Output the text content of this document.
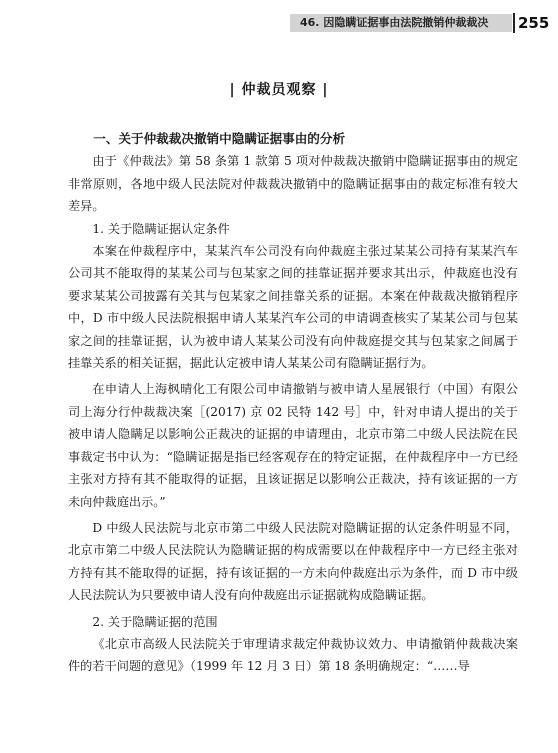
46. 因隐瞒证据事由法院撤销仲裁裁决 255
| 仲裁员观察 |

一、关于仲裁裁决撤销中隐瞒证据事由的分析

由于《仲裁法》第 58 条第 1 款第 5 项对仲裁裁决撤销中隐瞒证据事由的规定非常原则，各地中级人民法院对仲裁裁决撤销中的隐瞒证据事由的裁定标准有较大差异。

1. 关于隐瞒证据认定条件

本案在仲裁程序中，某某汽车公司没有向仲裁庭主张过某某公司持有某某汽车公司其不能取得的某某公司与包某家之间的挂靠证据并要求其出示，仲裁庭也没有要求某某公司披露有关其与包某家之间挂靠关系的证据。本案在仲裁裁决撤销程序中，D 市中级人民法院根据申请人某某汽车公司的申请调查核实了某某公司与包某家之间的挂靠证据，认为被申请人某某公司没有向仲裁庭提交其与包某家之间属于挂靠关系的相关证据，据此认定被申请人某某公司有隐瞒证据行为。

在申请人上海枫晴化工有限公司申请撤销与被申请人星展银行（中国）有限公司上海分行仲裁裁决案［(2017) 京 02 民特 142 号］中，针对申请人提出的关于被申请人隐瞒足以影响公正裁决的证据的申请理由，北京市第二中级人民法院在民事裁定书中认为：“隐瞒证据是指已经客观存在的特定证据，在仲裁程序中一方已经主张对方持有其不能取得的证据，且该证据足以影响公正裁决，持有该证据的一方未向仲裁庭出示。”

D 中级人民法院与北京市第二中级人民法院对隐瞒证据的认定条件明显不同，北京市第二中级人民法院认为隐瞒证据的构成需要以在仲裁程序中一方已经主张对方持有其不能取得的证据，持有该证据的一方未向仲裁庭出示为条件，而 D 市中级人民法院认为只要被申请人没有向仲裁庭出示证据就构成隐瞒证据。

2. 关于隐瞒证据的范围

《北京市高级人民法院关于审理请求裁定仲裁协议效力、申请撤销仲裁裁决案件的若干问题的意见》（1999 年 12 月 3 日）第 18 条明确规定：“……导
